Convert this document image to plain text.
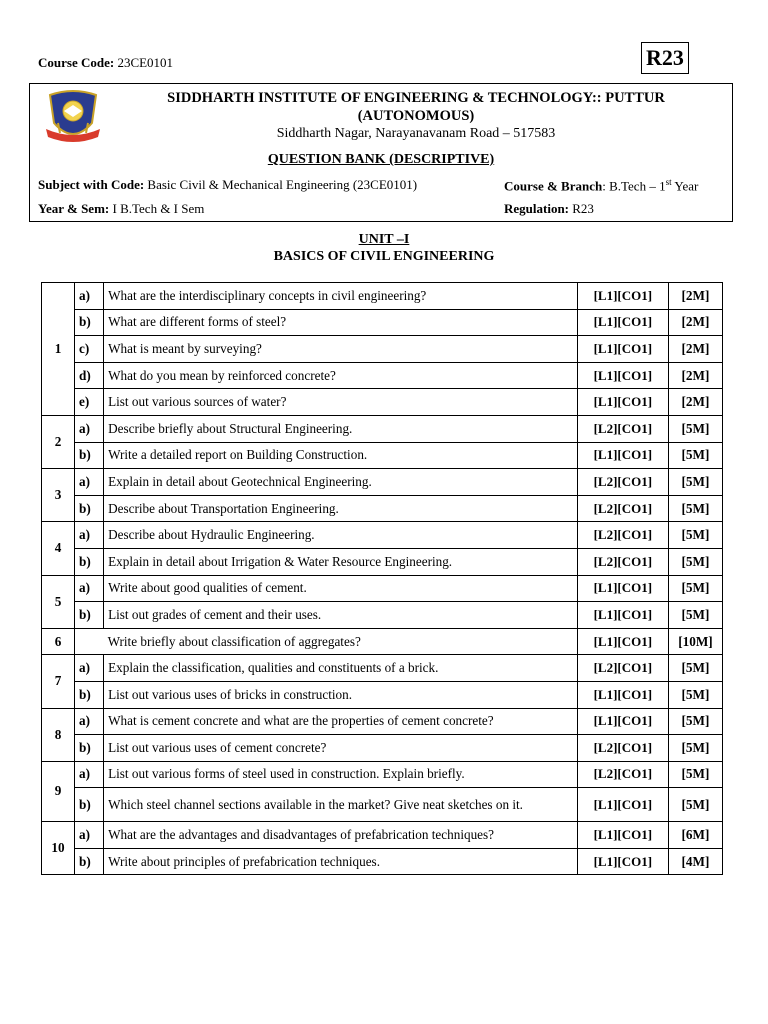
Course Code: 23CE0101	R23
SIDDHARTH INSTITUTE OF ENGINEERING & TECHNOLOGY:: PUTTUR
(AUTONOMOUS)
Siddharth Nagar, Narayanavanam Road – 517583
QUESTION BANK (DESCRIPTIVE)
Subject with Code: Basic Civil & Mechanical Engineering (23CE0101)	Course & Branch: B.Tech – 1st Year
Year & Sem: I B.Tech & I Sem	Regulation: R23
UNIT –I
BASICS OF CIVIL ENGINEERING
1	a)	What are the interdisciplinary concepts in civil engineering?	[L1][CO1]	[2M]
	b)	What are different forms of steel?	[L1][CO1]	[2M]
	c)	What is meant by surveying?	[L1][CO1]	[2M]
	d)	What do you mean by reinforced concrete?	[L1][CO1]	[2M]
	e)	List out various sources of water?	[L1][CO1]	[2M]
2	a)	Describe briefly about Structural Engineering.	[L2][CO1]	[5M]
	b)	Write a detailed report on Building Construction.	[L1][CO1]	[5M]
3	a)	Explain in detail about Geotechnical Engineering.	[L2][CO1]	[5M]
	b)	Describe about Transportation Engineering.	[L2][CO1]	[5M]
4	a)	Describe about Hydraulic Engineering.	[L2][CO1]	[5M]
	b)	Explain in detail about Irrigation & Water Resource Engineering.	[L2][CO1]	[5M]
5	a)	Write about good qualities of cement.	[L1][CO1]	[5M]
	b)	List out grades of cement and their uses.	[L1][CO1]	[5M]
6		Write briefly about classification of aggregates?	[L1][CO1]	[10M]
7	a)	Explain the classification, qualities and constituents of a brick.	[L2][CO1]	[5M]
	b)	List out various uses of bricks in construction.	[L1][CO1]	[5M]
8	a)	What is cement concrete and what are the properties of cement concrete?	[L1][CO1]	[5M]
	b)	List out various uses of cement concrete?	[L2][CO1]	[5M]
9	a)	List out various forms of steel used in construction. Explain briefly.	[L2][CO1]	[5M]
	b)	Which steel channel sections available in the market? Give neat sketches on it.	[L1][CO1]	[5M]
10	a)	What are the advantages and disadvantages of prefabrication techniques?	[L1][CO1]	[6M]
	b)	Write about principles of prefabrication techniques.	[L1][CO1]	[4M]
